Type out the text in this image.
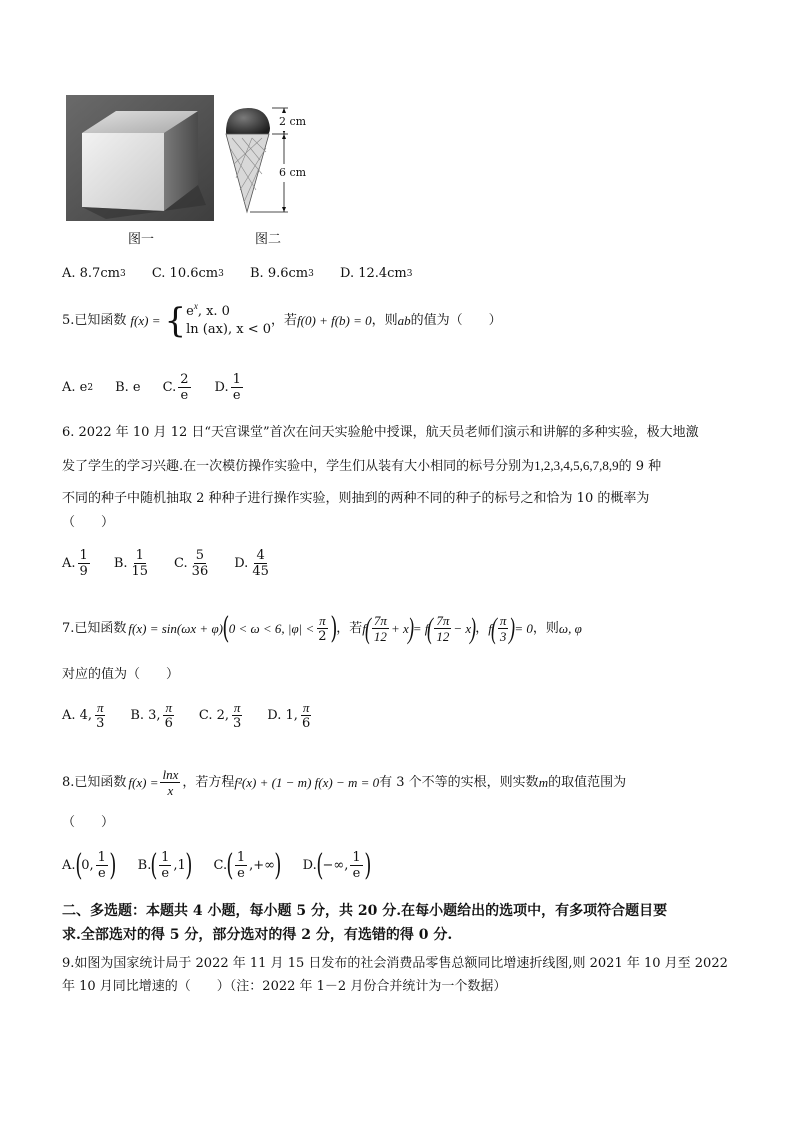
2 cm
6 cm
图一	图二
A. 8.7cm 3
C. 10.6cm 3
B. 9.6cm 3
D. 12.4cm 3
5.已知函数 f(x) = { $e^x$, x. 0
ln (ax), x < 0
，若 f(0) + f(b) = 0 ，则 ab 的值为（　　）
A. e 2 B. e C. $\frac{2}{e} D$. $\frac{1}{e}$
6. 2022 年 10 月 12 日“天宫课堂”首次在问天实验舱中授课，航天员老师们演示和讲解的多种实验，极大地激
发了学生的学习兴趣.在一次模仿操作实验中，学生们从装有大小相同的标号分别为1,2,3,4,5,6,7,8,9的 9 种
不同的种子中随机抽取 2 种种子进行操作实验，则抽到的两种不同的种子的标号之和恰为 10 的概率为
（　　）
A. $\frac{1}{9} B$. $\frac{1}{15} C$. $\frac{5}{36} D$. $\frac{4}{45}$
7.已知函数 f(x) = sin(ωx + φ) ( 0 < ω < 6, $|\varphi| < \frac{\pi}{2}$ ) ，若 f ( $\frac{7\pi}{12} + x$ ) = f ( $\frac{7\pi}{12} - x$ ) ， f ( $\frac{\pi}{3}$ ) = 0 ，则 ω, φ
对应的值为（　　）
A. 4, $\frac{\pi}{3} B$. 3, $\frac{\pi}{6} C$. 2, $\frac{\pi}{3} D$. 1, $\frac{\pi}{6}$
8.已知函数 $f(x) = \frac{\ln x}{x}$ ，若方程 f²(x) + (1 − m) f(x) − m = 0 有 3 个不等的实根，则实数 m 的取值范围为
（　　）
A. ( 0, $\frac{1}{e}$ ) B. ( $\frac{1}{e} ,1$ ) C. ( $\frac{1}{e}$ ,+∞ ) D. ( −∞, $\frac{1}{e}$ )
二、多选题：本题共 4 小题，每小题 5 分，共 20 分.在每小题给出的选项中，有多项符合题目要
求.全部选对的得 5 分，部分选对的得 2 分，有选错的得 0 分.
9.如图为国家统计局于 2022 年 11 月 15 日发布的社会消费品零售总额同比增速折线图,则 2021 年 10 月至 2022
年 10 月同比增速的（　　）（注：2022 年 1－2 月份合并统计为一个数据）
